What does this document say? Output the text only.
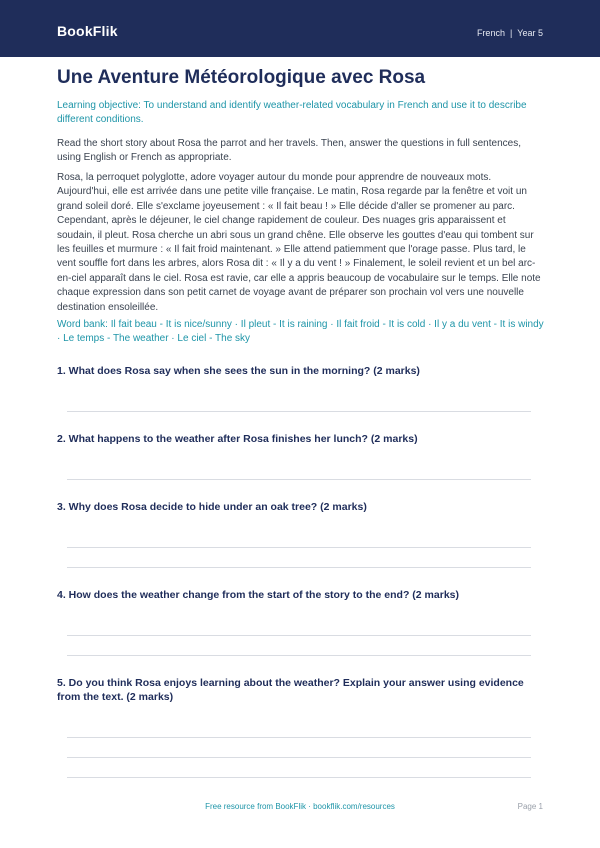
BookFlik	French | Year 5
Une Aventure Météorologique avec Rosa

Learning objective: To understand and identify weather-related vocabulary in French and use it to describe different conditions.

Read the short story about Rosa the parrot and her travels. Then, answer the questions in full sentences, using English or French as appropriate.

Rosa, la perroquet polyglotte, adore voyager autour du monde pour apprendre de nouveaux mots. Aujourd'hui, elle est arrivée dans une petite ville française. Le matin, Rosa regarde par la fenêtre et voit un grand soleil doré. Elle s'exclame joyeusement : « Il fait beau ! » Elle décide d'aller se promener au parc. Cependant, après le déjeuner, le ciel change rapidement de couleur. Des nuages gris apparaissent et soudain, il pleut. Rosa cherche un abri sous un grand chêne. Elle observe les gouttes d'eau qui tombent sur les feuilles et murmure : « Il fait froid maintenant. » Elle attend patiemment que l'orage passe. Plus tard, le vent souffle fort dans les arbres, alors Rosa dit : « Il y a du vent ! » Finalement, le soleil revient et un bel arc-en-ciel apparaît dans le ciel. Rosa est ravie, car elle a appris beaucoup de vocabulaire sur le temps. Elle note chaque expression dans son petit carnet de voyage avant de préparer son prochain vol vers une nouvelle destination ensoleillée.

Word bank: Il fait beau - It is nice/sunny · Il pleut - It is raining · Il fait froid - It is cold · Il y a du vent - It is windy · Le temps - The weather · Le ciel - The sky

1. What does Rosa say when she sees the sun in the morning? (2 marks)

2. What happens to the weather after Rosa finishes her lunch? (2 marks)

3. Why does Rosa decide to hide under an oak tree? (2 marks)

4. How does the weather change from the start of the story to the end? (2 marks)

5. Do you think Rosa enjoys learning about the weather? Explain your answer using evidence from the text. (2 marks)

Free resource from BookFlik · bookflik.com/resources	Page 1
